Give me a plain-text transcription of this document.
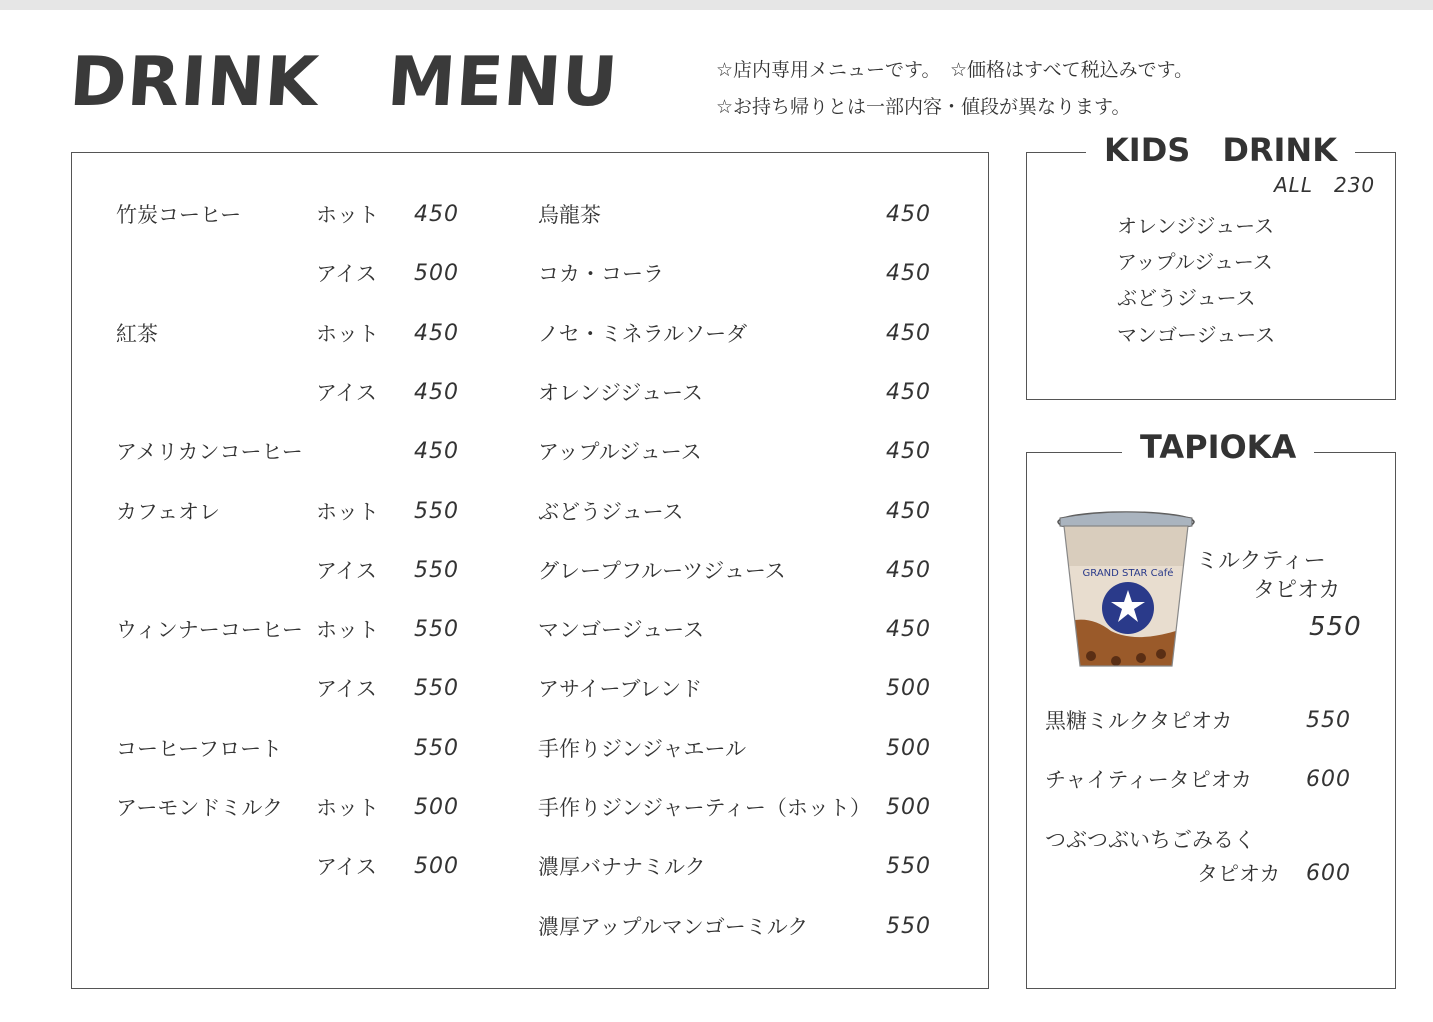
DRINK　MENU	☆店内専用メニューです。　☆価格はすべて税込みです。
☆お持ち帰りとは一部内容・値段が異なります。
竹炭コーヒー	ホット 450
アイス 500
紅茶	ホット 450
アイス 450
アメリカンコーヒー	450
カフェオレ	ホット 550
アイス 550
ウィンナーコーヒー ホット 550
アイス 550
コーヒーフロート	550
アーモンドミルク ホット 500
アイス 500
烏龍茶	450
コカ・コーラ	450
ノセ・ミネラルソーダ	450
オレンジジュース	450
アップルジュース	450
ぶどうジュース	450
グレープフルーツジュース	450
マンゴージュース	450
アサイーブレンド	500
手作りジンジャエール	500
手作りジンジャーティー（ホット） 500
濃厚バナナミルク	550
濃厚アップルマンゴーミルク	550
KIDS　DRINK
ALL　230
オレンジジュース
アップルジュース
ぶどうジュース
マンゴージュース
TAPIOKA
GRAND STAR Café ミルクティー
タピオカ
550
黒糖ミルクタピオカ	550
チャイティータピオカ 600
つぶつぶいちごみるく
タピオカ 600
